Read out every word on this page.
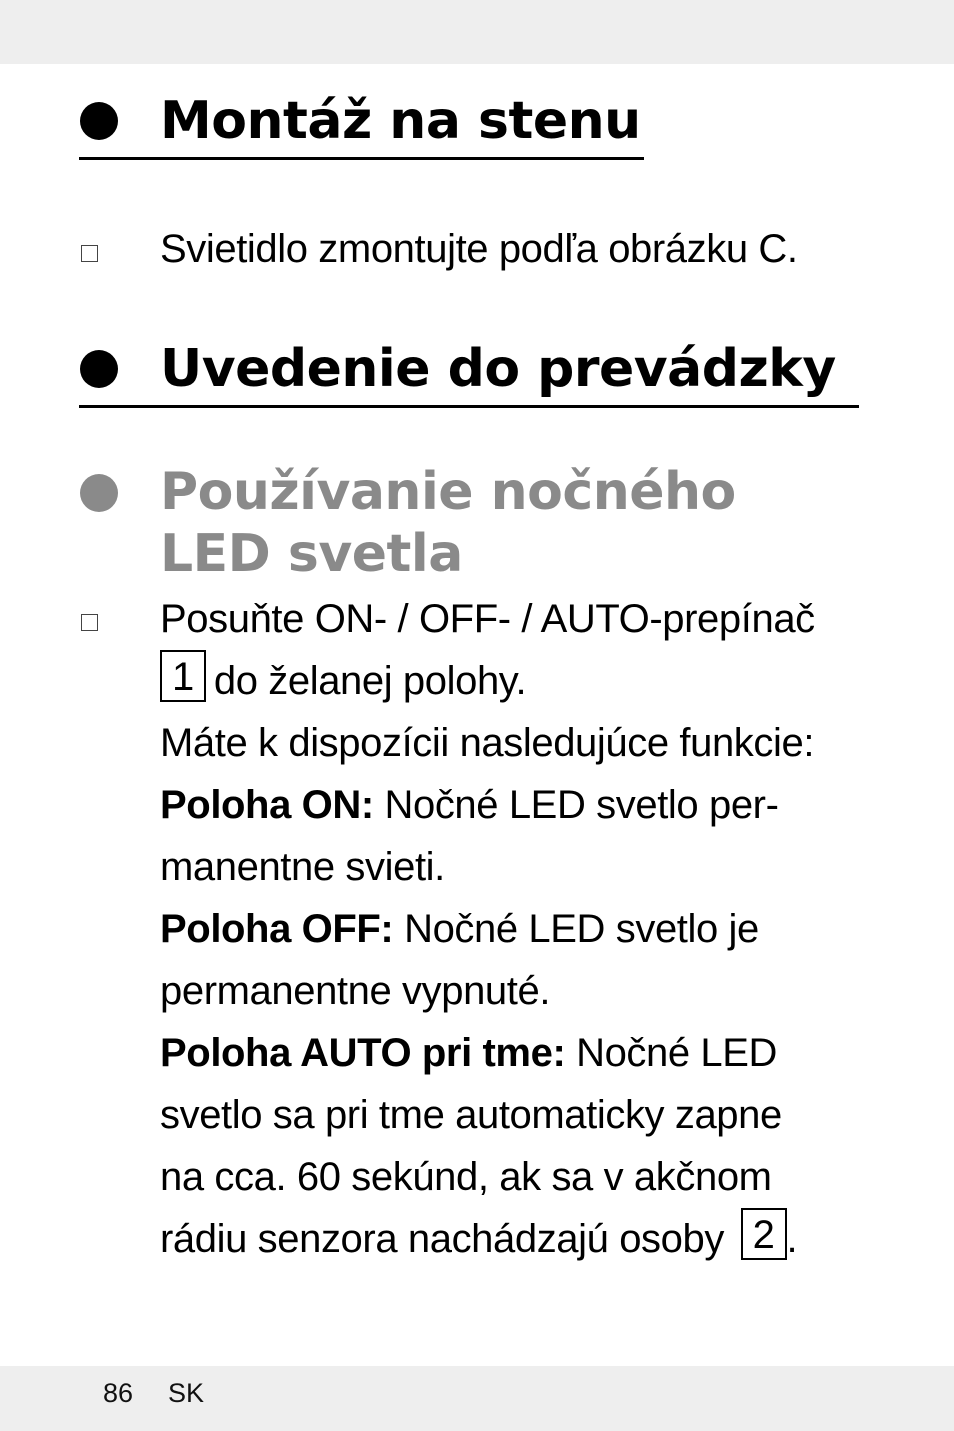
Montáž na stenu
Svietidlo zmontujte podľa obrázku C.
Uvedenie do prevádzky
Používanie nočného
LED svetla
Posuňte ON- / OFF- / AUTO-prepínač
1 do želanej polohy.
Máte k dispozícii nasledujúce funkcie:
Poloha ON: Nočné LED svetlo per-
manentne svieti.
Poloha OFF: Nočné LED svetlo je
permanentne vypnuté.
Poloha AUTO pri tme: Nočné LED
svetlo sa pri tme automaticky zapne
na cca. 60 sekúnd, ak sa v akčnom
rádiu senzora nachádzajú osoby 2 .
86 SK
